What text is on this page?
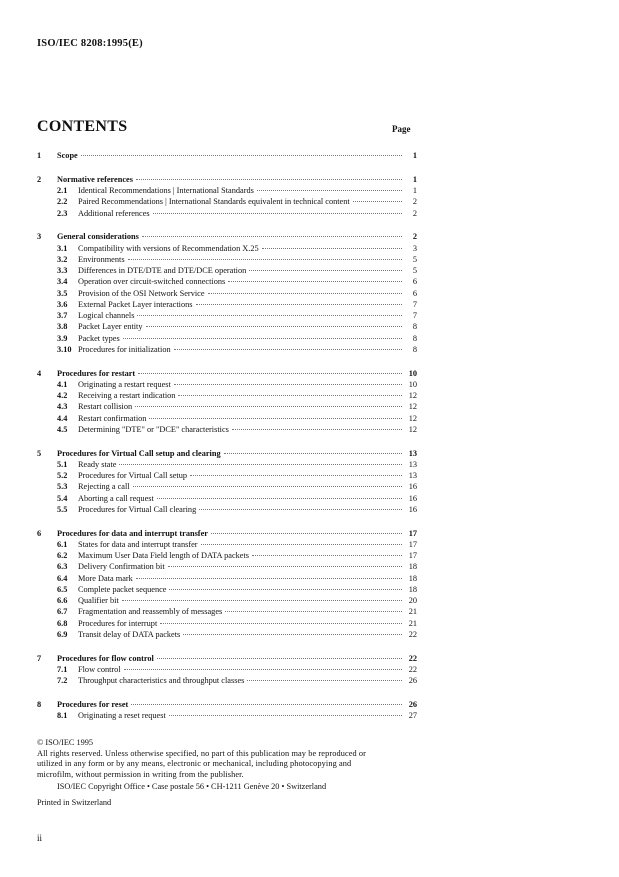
ISO/IEC 8208:1995(E)
CONTENTS	Page
1	Scope	1
2	Normative references	1
2.1	Identical Recommendations | International Standards	1
2.2	Paired Recommendations | International Standards equivalent in technical content	2
2.3	Additional references	2
3	General considerations	2
3.1	Compatibility with versions of Recommendation X.25	3
3.2	Environments	5
3.3	Differences in DTE/DTE and DTE/DCE operation	5
3.4	Operation over circuit-switched connections	6
3.5	Provision of the OSI Network Service	6
3.6	External Packet Layer interactions	7
3.7	Logical channels	7
3.8	Packet Layer entity	8
3.9	Packet types	8
3.10 Procedures for initialization	8
4	Procedures for restart	10
4.1	Originating a restart request	10
4.2	Receiving a restart indication	12
4.3	Restart collision	12
4.4	Restart confirmation	12
4.5	Determining "DTE" or "DCE" characteristics	12
5	Procedures for Virtual Call setup and clearing	13
5.1	Ready state	13
5.2	Procedures for Virtual Call setup	13
5.3	Rejecting a call	16
5.4	Aborting a call request	16
5.5	Procedures for Virtual Call clearing	16
6	Procedures for data and interrupt transfer	17
6.1	States for data and interrupt transfer	17
6.2	Maximum User Data Field length of DATA packets	17
6.3	Delivery Confirmation bit	18
6.4	More Data mark	18
6.5	Complete packet sequence	18
6.6	Qualifier bit	20
6.7	Fragmentation and reassembly of messages	21
6.8	Procedures for interrupt	21
6.9	Transit delay of DATA packets	22
7	Procedures for flow control	22
7.1	Flow control	22
7.2	Throughput characteristics and throughput classes	26
8	Procedures for reset	26
8.1	Originating a reset request	27
© ISO/IEC 1995
All rights reserved. Unless otherwise specified, no part of this publication may be reproduced or utilized in any form or by any means, electronic or mechanical, including photocopying and microfilm, without permission in writing from the publisher.
ISO/IEC Copyright Office • Case postale 56 • CH-1211 Genève 20 • Switzerland
Printed in Switzerland
ii
